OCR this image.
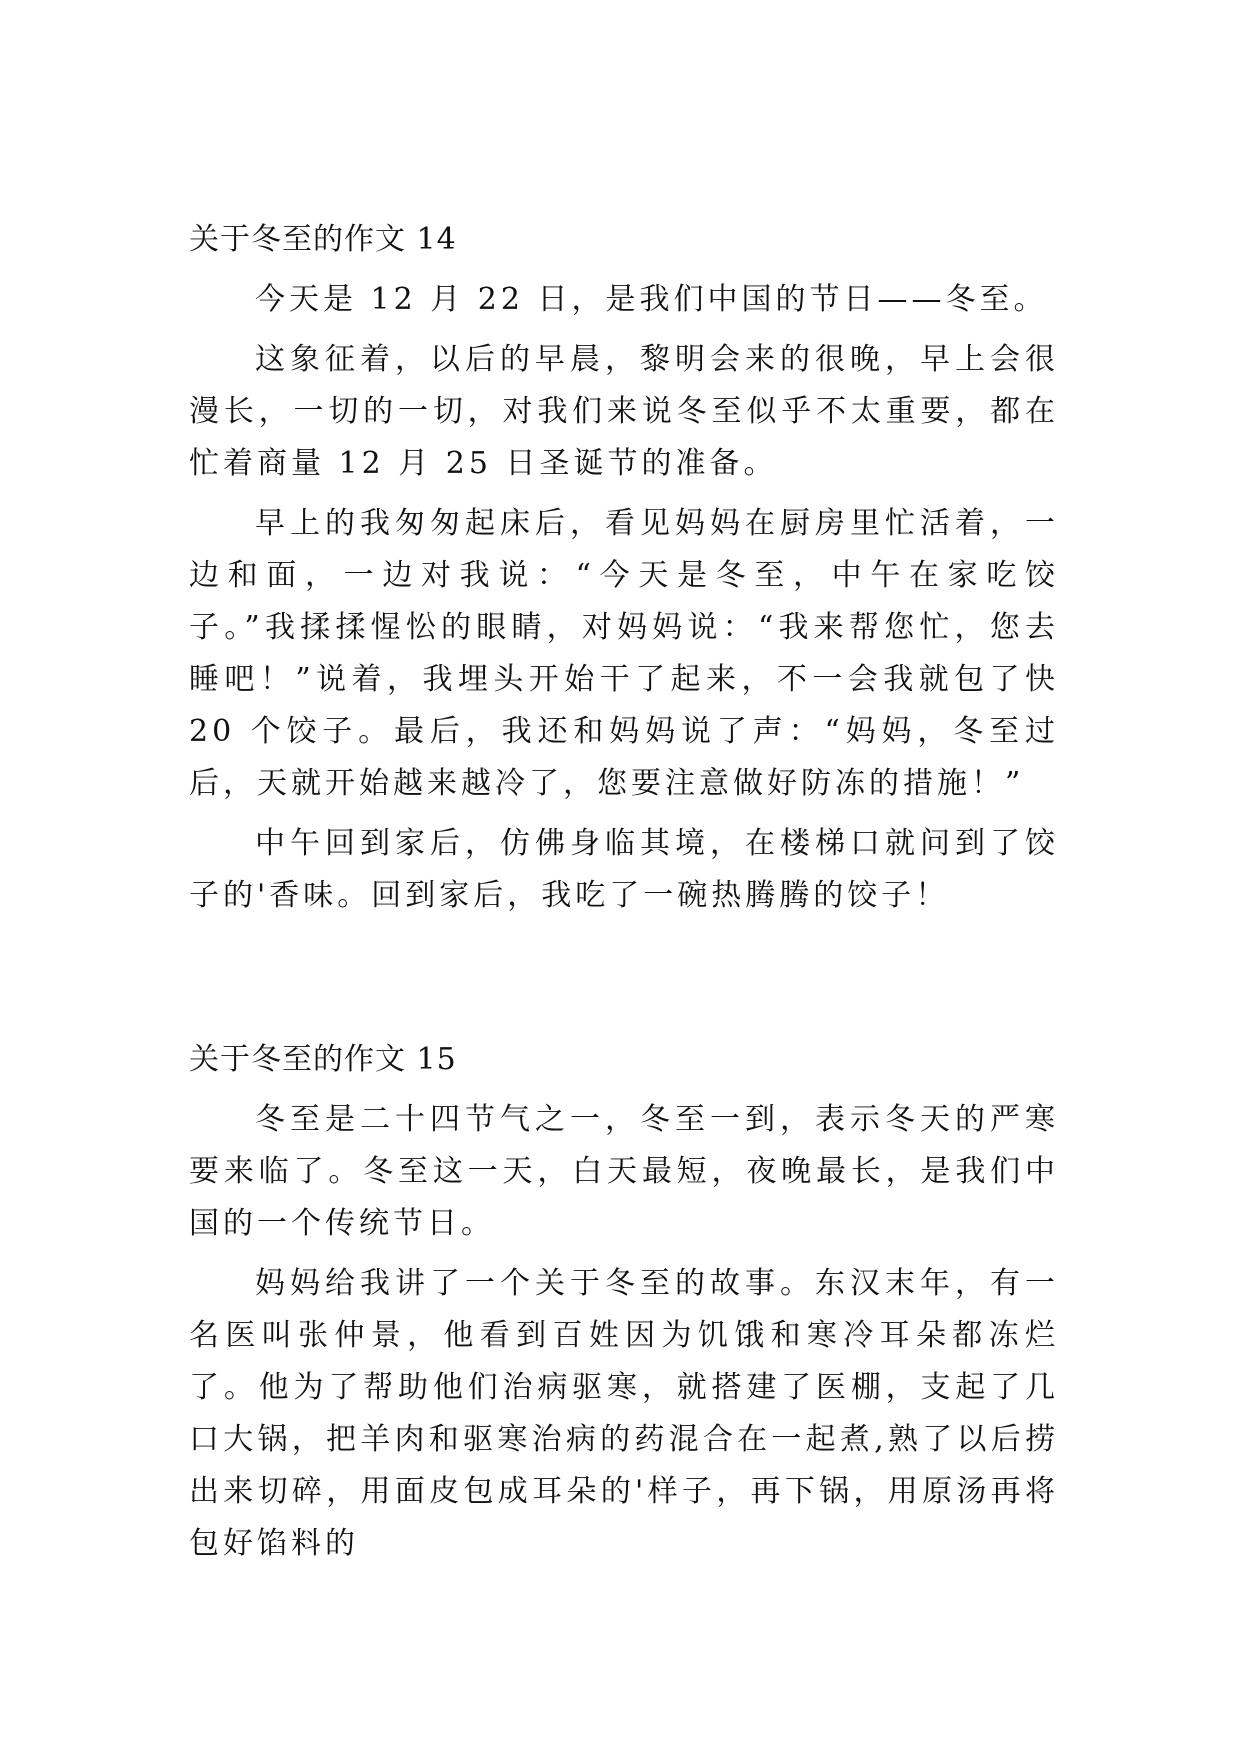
关于冬至的作文 14

今天是 12 月 22 日，是我们中国的节日——冬至。

这象征着，以后的早晨，黎明会来的很晚，早上会很漫长，一切的一切，对我们来说冬至似乎不太重要，都在忙着商量 12 月 25 日圣诞节的准备。

早上的我匆匆起床后，看见妈妈在厨房里忙活着，一边和面，一边对我说：“今天是冬至，中午在家吃饺子。”我揉揉惺忪的眼睛，对妈妈说：“我来帮您忙，您去睡吧！”说着，我埋头开始干了起来，不一会我就包了快 20 个饺子。最后，我还和妈妈说了声：“妈妈，冬至过后，天就开始越来越冷了，您要注意做好防冻的措施！”

中午回到家后，仿佛身临其境，在楼梯口就问到了饺子的'香味。回到家后，我吃了一碗热腾腾的饺子！

关于冬至的作文 15

冬至是二十四节气之一，冬至一到，表示冬天的严寒要来临了。冬至这一天，白天最短，夜晚最长，是我们中国的一个传统节日。

妈妈给我讲了一个关于冬至的故事。东汉末年，有一名医叫张仲景，他看到百姓因为饥饿和寒冷耳朵都冻烂了。他为了帮助他们治病驱寒，就搭建了医棚，支起了几口大锅，把羊肉和驱寒治病的药混合在一起煮,熟了以后捞出来切碎，用面皮包成耳朵的'样子，再下锅，用原汤再将包好馅料的
